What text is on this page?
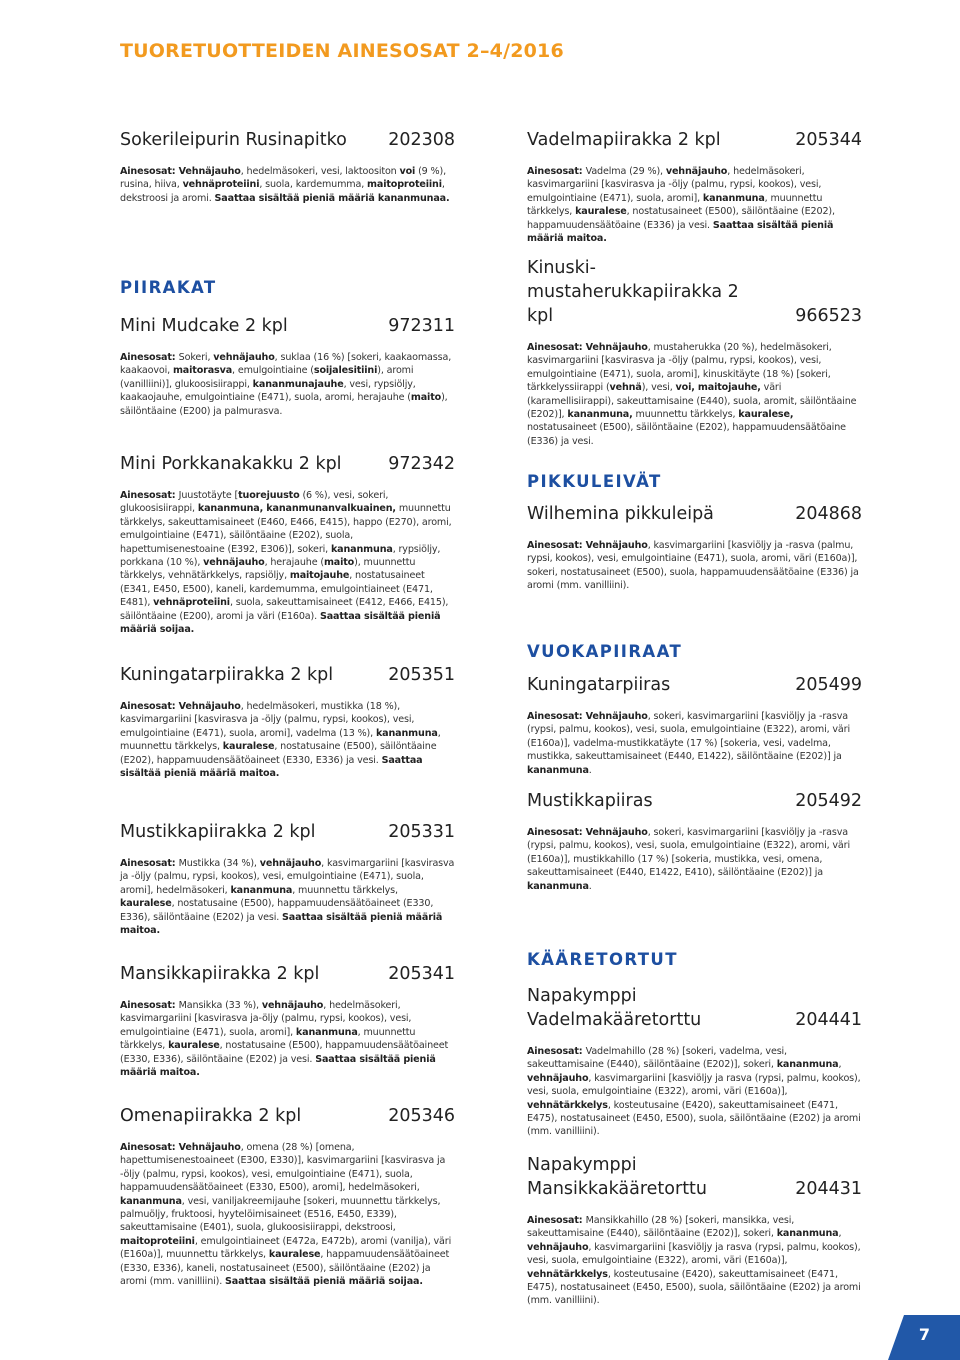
TUORETUOTTEIDEN AINESOSAT 2–4/2016
Sokerileipurin Rusinapitko	202308
Ainesosat: Vehnäjauho, hedelmäsokeri, vesi, laktoositon voi (9 %), rusina, hiiva, vehnäproteiini, suola, kardemumma, maitoproteiini, dekstroosi ja aromi. Saattaa sisältää pieniä määriä kananmunaa.
PIIRAKAT
Mini Mudcake 2 kpl	972311
Ainesosat: Sokeri, vehnäjauho, suklaa (16 %) [sokeri, kaakaomassa, kaakaovoi, maitorasva, emulgointiaine (soijalesitiini), aromi (vanilliini)], glukoosisiirappi, kananmunajauhe, vesi, rypsiöljy, kaakaojauhe, emulgointiaine (E471), suola, aromi, herajauhe (maito), säilöntäaine (E200) ja palmurasva.
Mini Porkkanakakku 2 kpl	972342
Ainesosat: Juustotäyte [tuorejuusto (6 %), vesi, sokeri, glukoosisiirappi, kananmuna, kananmunanvalkuainen, muunnettu tärkkelys, sakeuttamisaineet (E460, E466, E415), happo (E270), aromi, emulgointiaine (E471), säilöntäaine (E202), suola, hapettumisenestoaine (E392, E306)], sokeri, kananmuna, rypsiöljy, porkkana (10 %), vehnäjauho, herajauhe (maito), muunnettu tärkkelys, vehnätärkkelys, rapsiöljy, maitojauhe, nostatusaineet (E341, E450, E500), kaneli, kardemumma, emulgointiaineet (E471, E481), vehnäproteiini, suola, sakeuttamisaineet (E412, E466, E415), säilöntäaine (E200), aromi ja väri (E160a). Saattaa sisältää pieniä määriä soijaa.
Kuningatarpiirakka 2 kpl	205351
Ainesosat: Vehnäjauho, hedelmäsokeri, mustikka (18 %), kasvimargariini [kasvirasva ja -öljy (palmu, rypsi, kookos), vesi, emulgointiaine (E471), suola, aromi], vadelma (13 %), kananmuna, muunnettu tärkkelys, kauralese, nostatusaine (E500), säilöntäaine (E202), happamuudensäätöaineet (E330, E336) ja vesi. Saattaa sisältää pieniä määriä maitoa.
Mustikkapiirakka 2 kpl	205331
Ainesosat: Mustikka (34 %), vehnäjauho, kasvimargariini [kasvirasva ja -öljy (palmu, rypsi, kookos), vesi, emulgointiaine (E471), suola, aromi], hedelmäsokeri, kananmuna, muunnettu tärkkelys, kauralese, nostatusaine (E500), happamuudensäätöaineet (E330, E336), säilöntäaine (E202) ja vesi. Saattaa sisältää pieniä määriä maitoa.
Mansikkapiirakka 2 kpl	205341
Ainesosat: Mansikka (33 %), vehnäjauho, hedelmäsokeri, kasvimargariini [kasvirasva ja-öljy (palmu, rypsi, kookos), vesi, emulgointiaine (E471), suola, aromi], kananmuna, muunnettu tärkkelys, kauralese, nostatusaine (E500), happamuudensäätöaineet (E330, E336), säilöntäaine (E202) ja vesi. Saattaa sisältää pieniä määriä maitoa.
Omenapiirakka 2 kpl	205346
Ainesosat: Vehnäjauho, omena (28 %) [omena, hapettumisenestoaineet (E300, E330)], kasvimargariini [kasvirasva ja -öljy (palmu, rypsi, kookos), vesi, emulgointiaine (E471), suola, happamuudensäätöaineet (E330, E500), aromi], hedelmäsokeri, kananmuna, vesi, vaniljakreemijauhe [sokeri, muunnettu tärkkelys, palmuöljy, fruktoosi, hyytelöimisaineet (E516, E450, E339), sakeuttamisaine (E401), suola, glukoosisiirappi, dekstroosi, maitoproteiini, emulgointiaineet (E472a, E472b), aromi (vanilja), väri (E160a)], muunnettu tärkkelys, kauralese, happamuudensäätöaineet (E330, E336), kaneli, nostatusaineet (E500), säilöntäaine (E202) ja aromi (mm. vanilliini). Saattaa sisältää pieniä määriä soijaa.
Vadelmapiirakka 2 kpl	205344
Ainesosat: Vadelma (29 %), vehnäjauho, hedelmäsokeri, kasvimargariini [kasvirasva ja -öljy (palmu, rypsi, kookos), vesi, emulgointiaine (E471), suola, aromi], kananmuna, muunnettu tärkkelys, kauralese, nostatusaineet (E500), säilöntäaine (E202), happamuudensäätöaine (E336) ja vesi. Saattaa sisältää pieniä määriä maitoa.
Kinuski-mustaherukkapiirakka 2 kpl	966523
Ainesosat: Vehnäjauho, mustaherukka (20 %), hedelmäsokeri, kasvimargariini [kasvirasva ja -öljy (palmu, rypsi, kookos), vesi, emulgointiaine (E471), suola, aromi], kinuskitäyte (18 %) [sokeri, tärkkelyssiirappi (vehnä), vesi, voi, maitojauhe, väri (karamellisiirappi), sakeuttamisaine (E440), suola, aromit, säilöntäaine (E202)], kananmuna, muunnettu tärkkelys, kauralese, nostatusaineet (E500), säilöntäaine (E202), happamuudensäätöaine (E336) ja vesi.
PIKKULEIVÄT
Wilhemina pikkuleipä	204868
Ainesosat: Vehnäjauho, kasvimargariini [kasviöljy ja -rasva (palmu, rypsi, kookos), vesi, emulgointiaine (E471), suola, aromi, väri (E160a)], sokeri, nostatusaineet (E500), suola, happamuudensäätöaine (E336) ja aromi (mm. vanilliini).
VUOKAPIIRAAT
Kuningatarpiiras	205499
Ainesosat: Vehnäjauho, sokeri, kasvimargariini [kasviöljy ja -rasva (rypsi, palmu, kookos), vesi, suola, emulgointiaine (E322), aromi, väri (E160a)], vadelma-mustikkatäyte (17 %) [sokeria, vesi, vadelma, mustikka, sakeuttamisaineet (E440, E1422), säilöntäaine (E202)] ja kananmuna.
Mustikkapiiras	205492
Ainesosat: Vehnäjauho, sokeri, kasvimargariini [kasviöljy ja -rasva (rypsi, palmu, kookos), vesi, suola, emulgointiaine (E322), aromi, väri (E160a)], mustikkahillo (17 %) [sokeria, mustikka, vesi, omena, sakeuttamisaineet (E440, E1422, E410), säilöntäaine (E202)] ja kananmuna.
KÄÄRETORTUT
Napakymppi Vadelmakääretorttu	204441
Ainesosat: Vadelmahillo (28 %) [sokeri, vadelma, vesi, sakeuttamisaine (E440), säilöntäaine (E202)], sokeri, kananmuna, vehnäjauho, kasvimargariini [kasviöljy ja rasva (rypsi, palmu, kookos), vesi, suola, emulgointiaine (E322), aromi, väri (E160a)], vehnätärkkelys, kosteutusaine (E420), sakeuttamisaineet (E471, E475), nostatusaineet (E450, E500), suola, säilöntäaine (E202) ja aromi (mm. vanilliini).
Napakymppi Mansikkakääretorttu	204431
Ainesosat: Mansikkahillo (28 %) [sokeri, mansikka, vesi, sakeuttamisaine (E440), säilöntäaine (E202)], sokeri, kananmuna, vehnäjauho, kasvimargariini [kasviöljy ja rasva (rypsi, palmu, kookos), vesi, suola, emulgointiaine (E322), aromi, väri (E160a)], vehnätärkkelys, kosteutusaine (E420), sakeuttamisaineet (E471, E475), nostatusaineet (E450, E500), suola, säilöntäaine (E202) ja aromi (mm. vanilliini).
7
